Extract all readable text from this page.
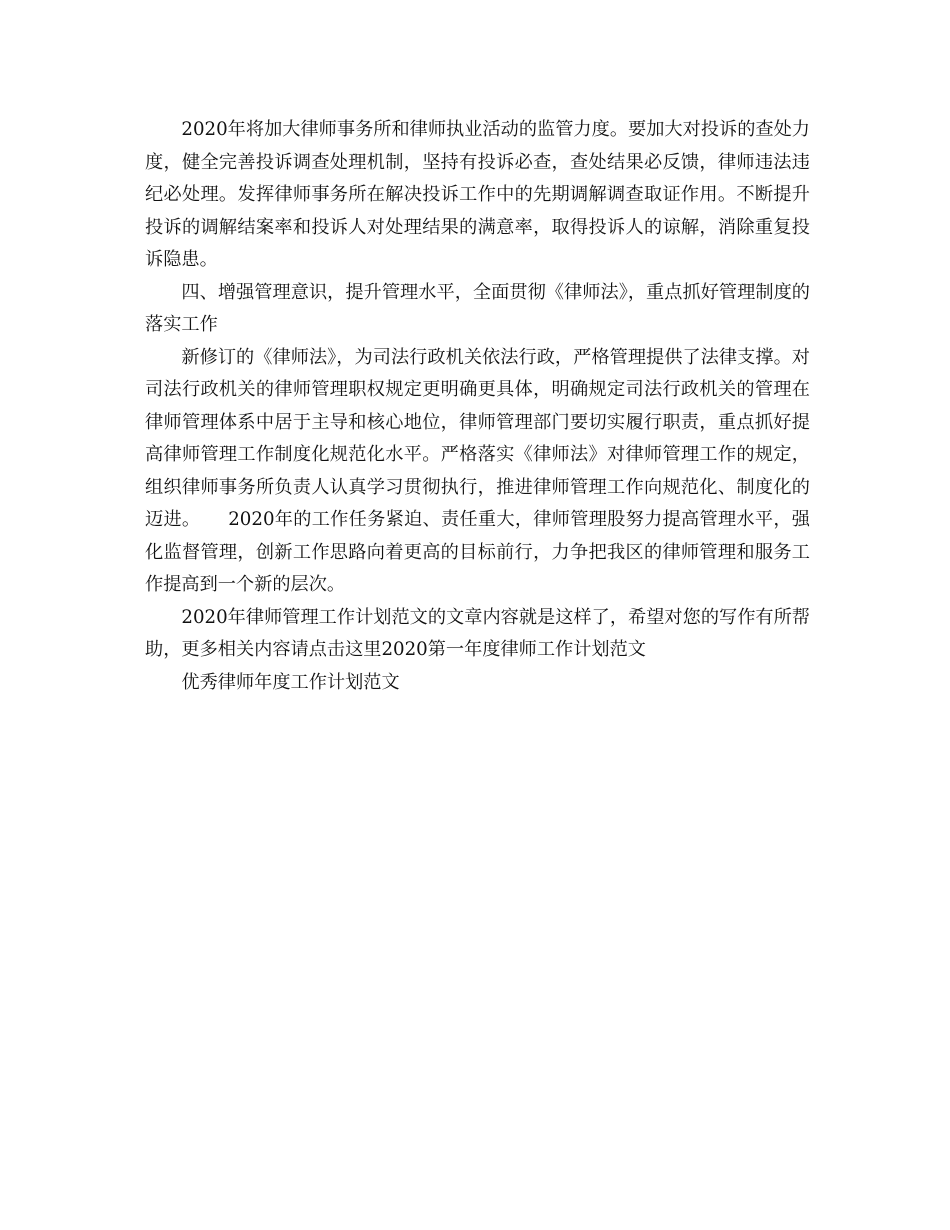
2020年将加大律师事务所和律师执业活动的监管力度。要加大对投诉的查处力度，健全完善投诉调查处理机制，坚持有投诉必查，查处结果必反馈，律师违法违纪必处理。发挥律师事务所在解决投诉工作中的先期调解调查取证作用。不断提升投诉的调解结案率和投诉人对处理结果的满意率，取得投诉人的谅解，消除重复投诉隐患。

四、增强管理意识，提升管理水平，全面贯彻《律师法》，重点抓好管理制度的落实工作

新修订的《律师法》，为司法行政机关依法行政，严格管理提供了法律支撑。对司法行政机关的律师管理职权规定更明确更具体，明确规定司法行政机关的管理在律师管理体系中居于主导和核心地位，律师管理部门要切实履行职责，重点抓好提高律师管理工作制度化规范化水平。严格落实《律师法》对律师管理工作的规定，组织律师事务所负责人认真学习贯彻执行，推进律师管理工作向规范化、制度化的迈进。　　2020年的工作任务紧迫、责任重大，律师管理股努力提高管理水平，强化监督管理，创新工作思路向着更高的目标前行，力争把我区的律师管理和服务工作提高到一个新的层次。

2020年律师管理工作计划范文的文章内容就是这样了，希望对您的写作有所帮助，更多相关内容请点击这里2020第一年度律师工作计划范文

优秀律师年度工作计划范文
